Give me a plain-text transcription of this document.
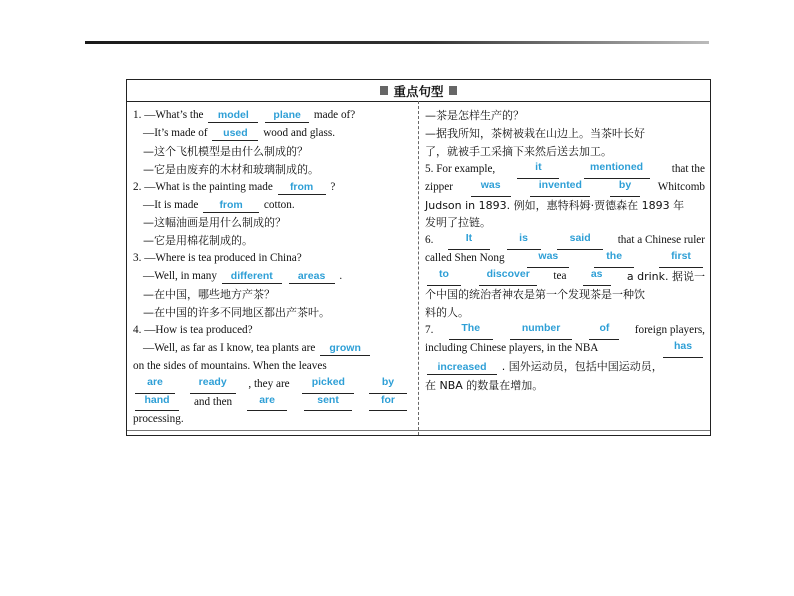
重点句型
1. —What’s the model plane made of?
—It’s made of used wood and glass.
—这个飞机模型是由什么制成的？
—它是由废弃的木材和玻璃制成的。
2. —What is the painting made from ?
—It is made from cotton.
—这幅油画是用什么制成的？
—它是用棉花制成的。
3. —Where is tea produced in China?
—Well, in many different areas .
—在中国，哪些地方产茶？
—在中国的许多不同地区都出产茶叶。
4. —How is tea produced?
—Well, as far as I know, tea plants are grown
on the sides of mountains. When the leaves
are	ready	, they are	picked	by
hand	and then	are	sent	for
processing.
—茶是怎样生产的？
—据我所知，茶树被栽在山边上。当茶叶长好
了，就被手工采摘下来然后送去加工。
5. For example,	it	mentioned	that the
zipper	was	invented	by	Whitcomb
Judson in 1893. 例如，惠特科姆·贾德森在 1893 年
发明了拉链。
6.	It	is	said	that a Chinese ruler
called Shen Nong	was	the	first
to	discover	tea	as	a drink. 据说一
个中国的统治者神农是第一个发现茶是一种饮
料的人。
7.	The	number	of	foreign players,
including Chinese players, in the NBA	has
increased . 国外运动员，包括中国运动员，
在 NBA 的数量在增加。
